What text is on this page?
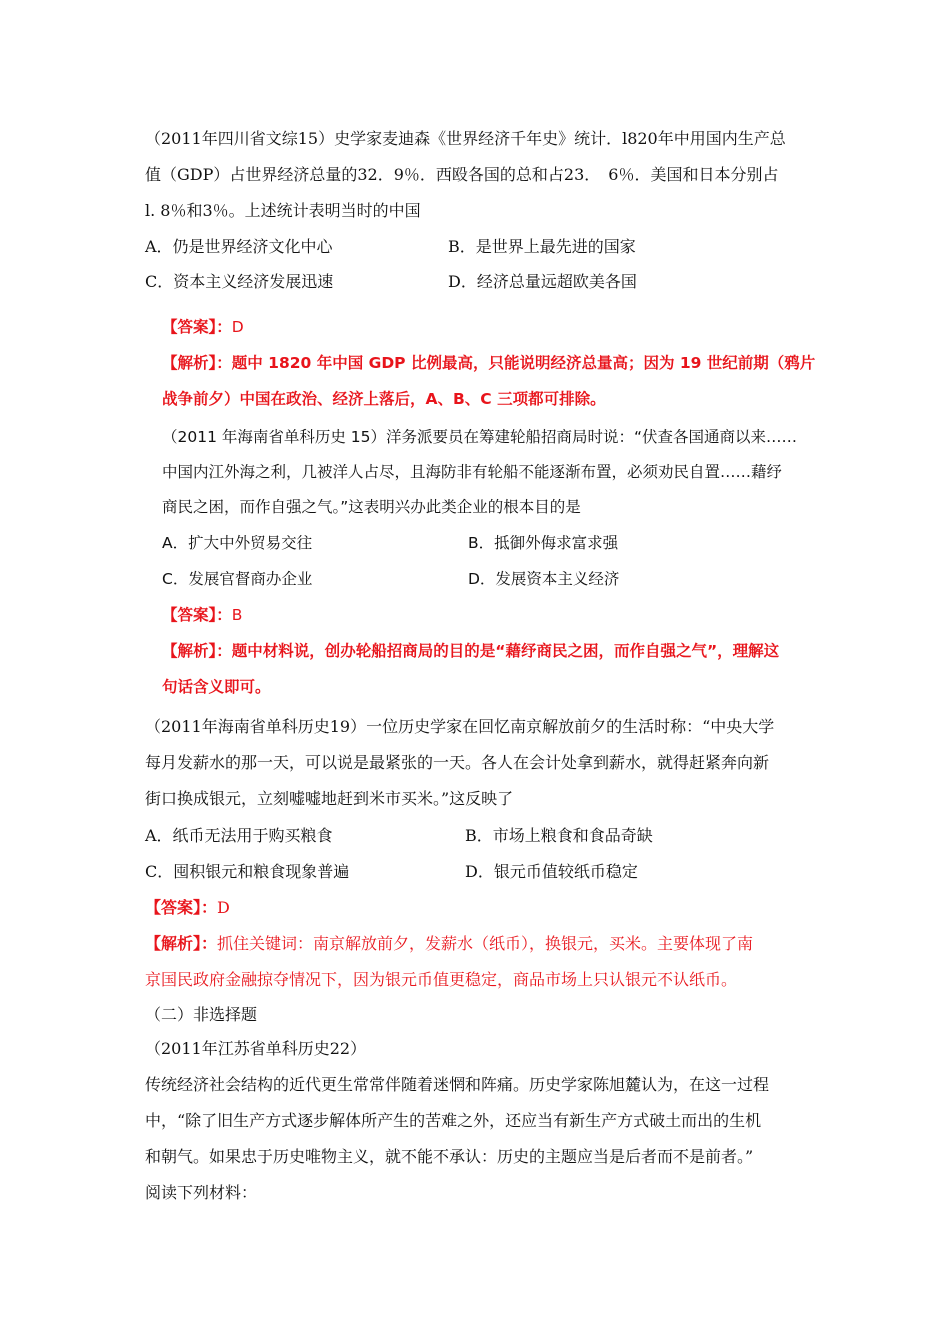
（2011年四川省文综15）史学家麦迪森《世界经济千年史》统计．l820年中用国内生产总
值（GDP）占世界经济总量的32．9％．西殴各国的总和占23．　6％．美国和日本分别占
l. 8％和3％。上述统计表明当时的中国
A．仍是世界经济文化中心	B．是世界上最先进的国家
C．资本主义经济发展迅速	D．经济总量远超欧美各国
【答案】：D
【解析】：题中 1820 年中国 GDP 比例最高，只能说明经济总量高；因为 19 世纪前期（鸦片
战争前夕）中国在政治、经济上落后，A、B、C 三项都可排除。
（2011 年海南省单科历史 15）洋务派要员在筹建轮船招商局时说：“伏查各国通商以来……
中国内江外海之利，几被洋人占尽，且海防非有轮船不能逐渐布置，必须劝民自置……藉纾
商民之困，而作自强之气。”这表明兴办此类企业的根本目的是
A．扩大中外贸易交往	B．抵御外侮求富求强
C．发展官督商办企业	D．发展资本主义经济
【答案】：B
【解析】：题中材料说，创办轮船招商局的目的是“藉纾商民之困，而作自强之气”，理解这
句话含义即可。
（2011年海南省单科历史19）一位历史学家在回忆南京解放前夕的生活时称：“中央大学
每月发薪水的那一天，可以说是最紧张的一天。各人在会计处拿到薪水，就得赶紧奔向新
街口换成银元，立刻嘘嘘地赶到米市买米。”这反映了
A．纸币无法用于购买粮食	B．市场上粮食和食品奇缺
C．囤积银元和粮食现象普遍	D．银元币值较纸币稳定
【答案】：D
【解析】：抓住关键词：南京解放前夕，发薪水（纸币），换银元，买米。主要体现了南
京国民政府金融掠夺情况下，因为银元币值更稳定，商品市场上只认银元不认纸币。
（二）非选择题
（2011年江苏省单科历史22）
传统经济社会结构的近代更生常常伴随着迷惘和阵痛。历史学家陈旭麓认为，在这一过程
中，“除了旧生产方式逐步解体所产生的苦难之外，还应当有新生产方式破土而出的生机
和朝气。如果忠于历史唯物主义，就不能不承认：历史的主题应当是后者而不是前者。”
阅读下列材料：
